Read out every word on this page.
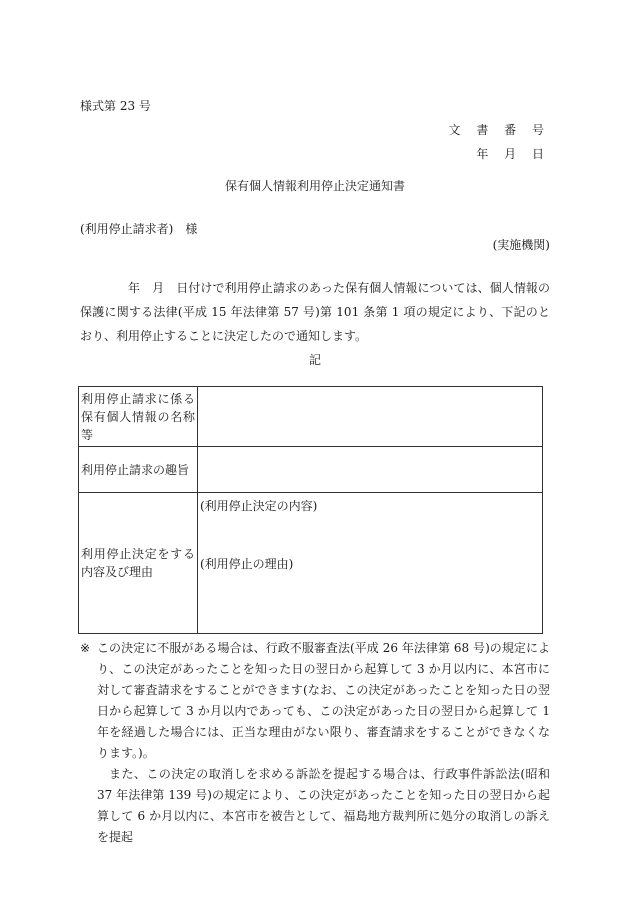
様式第 23 号
文 書 番 号
年 月 日
保有個人情報利用停止決定通知書
(利用停止請求者)　様
(実施機関)

年　月　日付けで利用停止請求のあった保有個人情報については、個人情報の保護に関する法律(平成 15 年法律第 57 号)第 101 条第 1 項の規定により、下記のとおり、利用停止することに決定したので通知します。

記
利用停止請求に係る保有個人情報の名称等	
利用停止請求の趣旨	
利用停止決定をする内容及び理由	(利用停止決定の内容)
(利用停止の理由)

※ この決定に不服がある場合は、行政不服審査法(平成 26 年法律第 68 号)の規定により、この決定があったことを知った日の翌日から起算して 3 か月以内に、本宮市に対して審査請求をすることができます(なお、この決定があったことを知った日の翌日から起算して 3 か月以内であっても、この決定があった日の翌日から起算して 1 年を経過した場合には、正当な理由がない限り、審査請求をすることができなくなります。)。

また、この決定の取消しを求める訴訟を提起する場合は、行政事件訴訟法(昭和 37 年法律第 139 号)の規定により、この決定があったことを知った日の翌日から起算して 6 か月以内に、本宮市を被告として、福島地方裁判所に処分の取消しの訴えを提起
